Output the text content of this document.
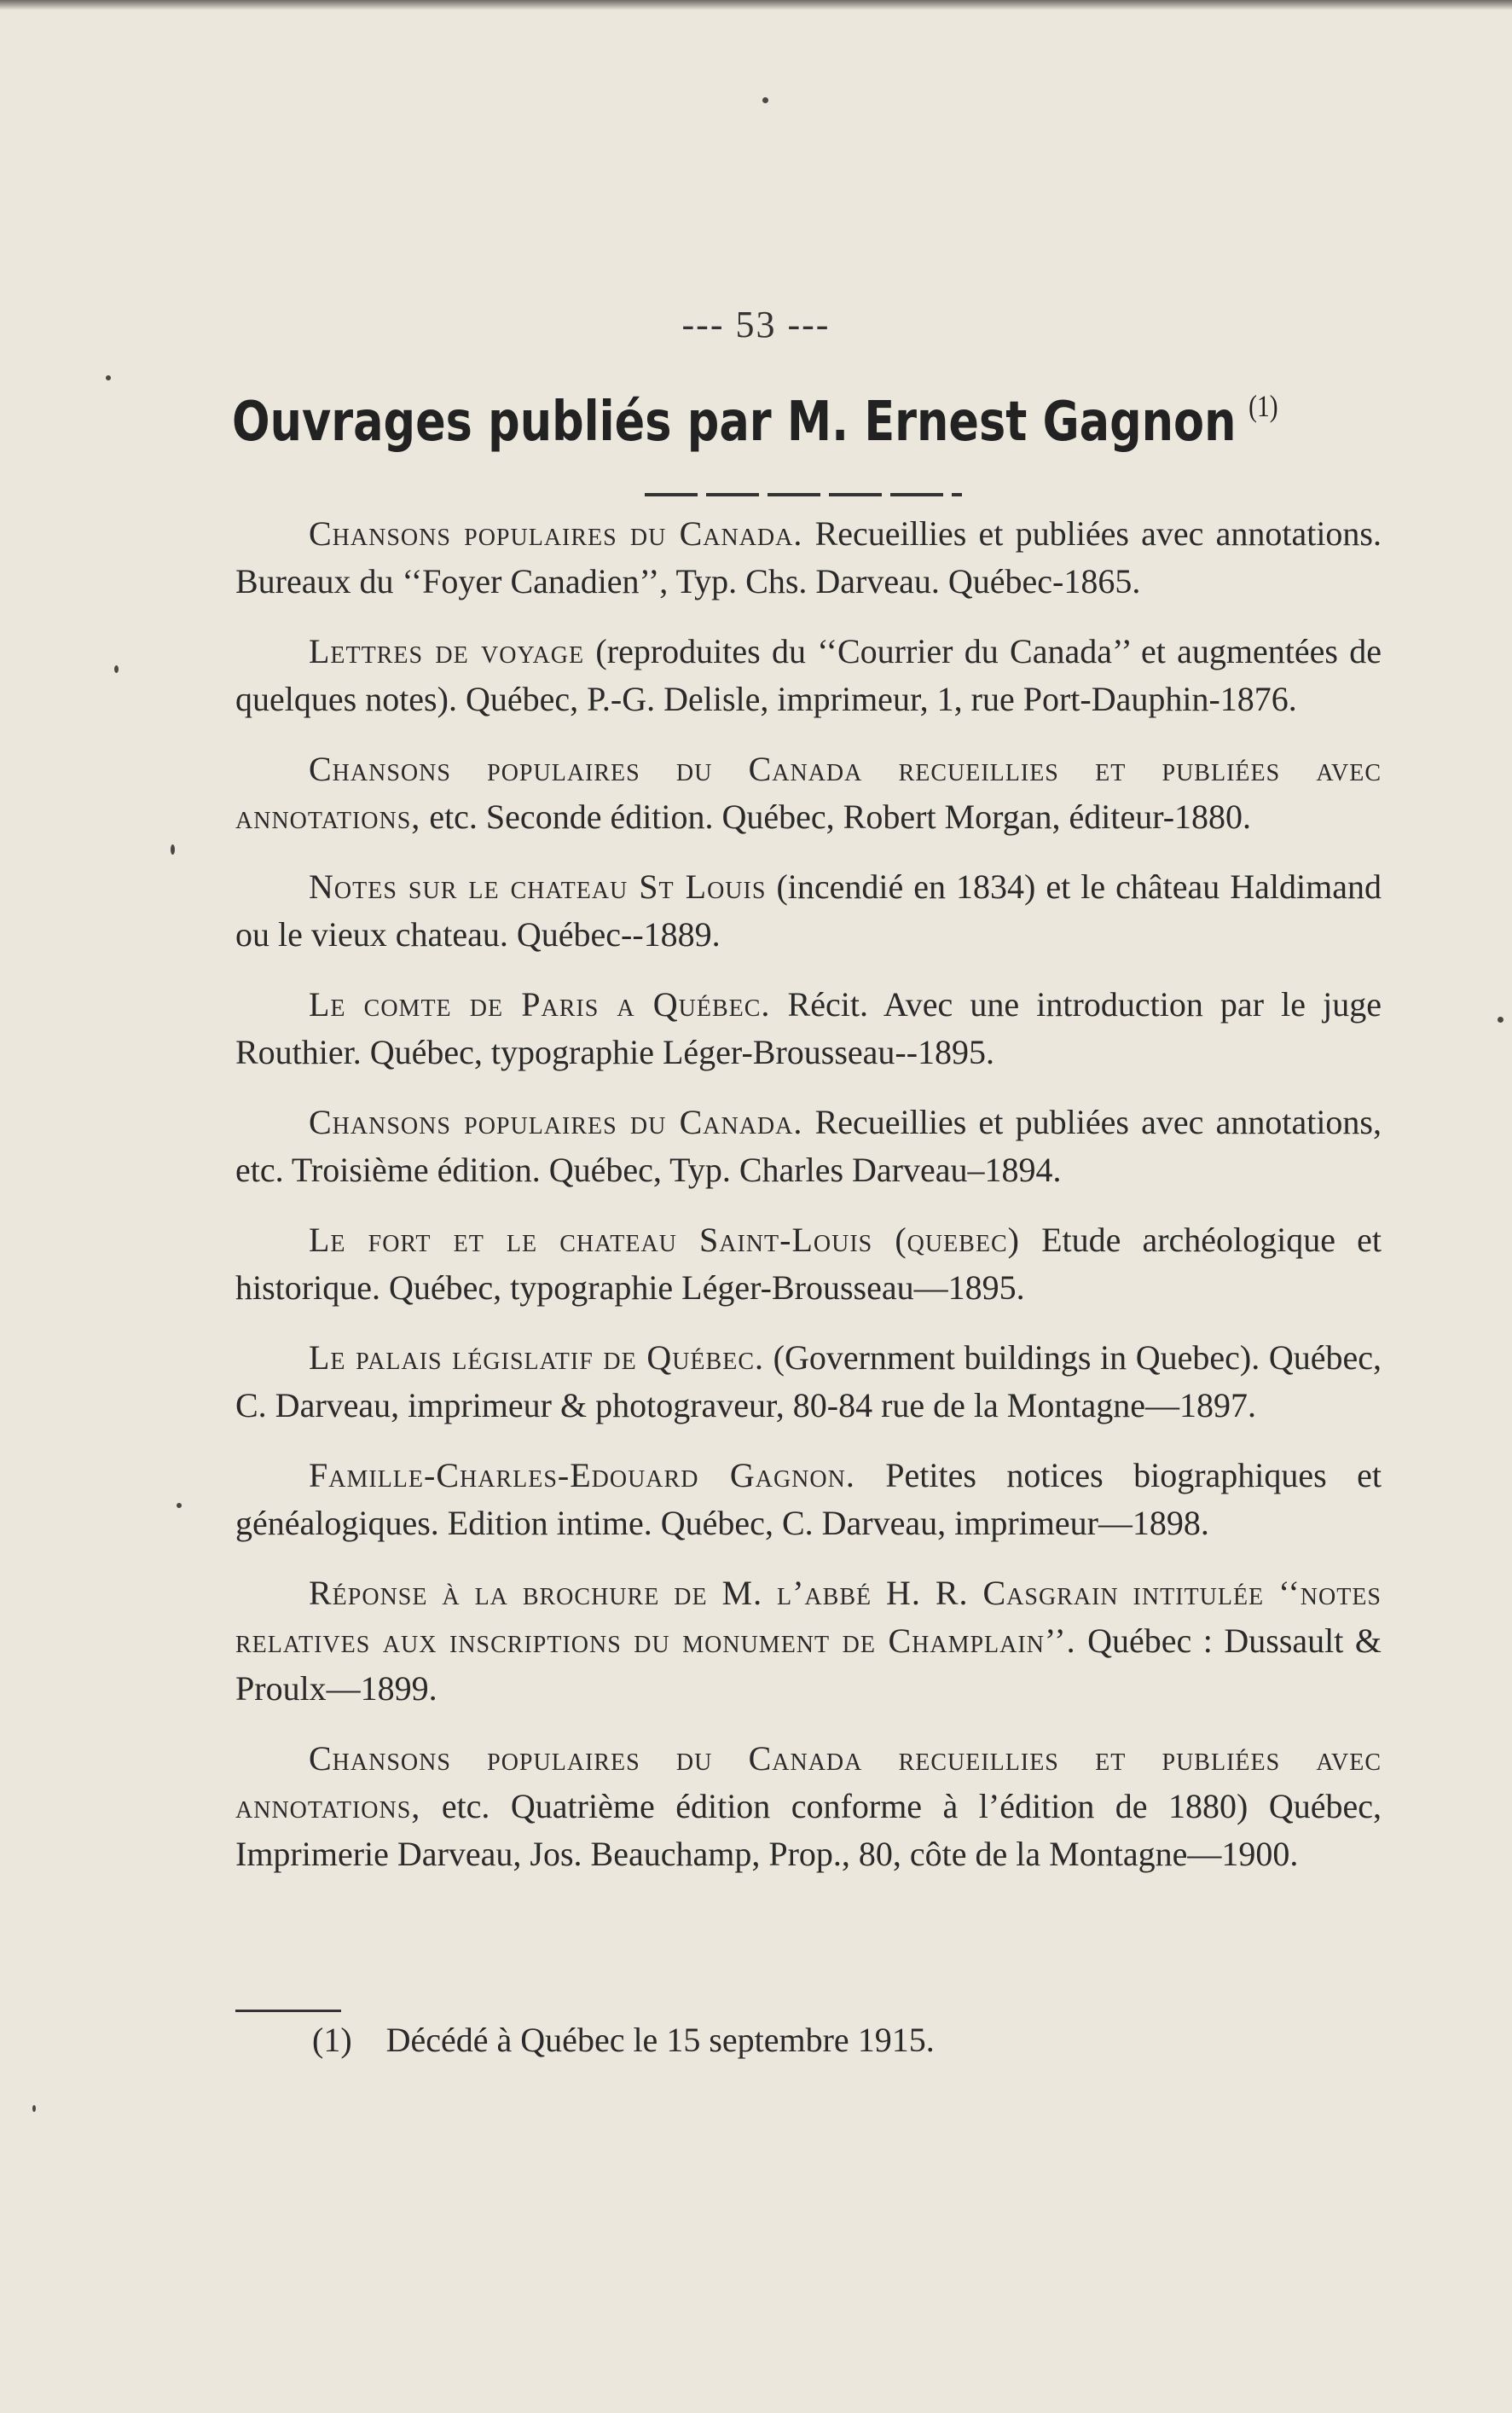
--- 53 ---
Ouvrages publiés par M. Ernest Gagnon $^{(1)}$

Chansons populaires du Canada. Recueillies et publiées avec annotations. Bureaux du ‘‘Foyer Canadien’’, Typ. Chs. Darveau. Québec-1865.

Lettres de voyage (reproduites du ‘‘Courrier du Canada’’ et augmentées de quelques notes). Québec, P.-G. Delisle, imprimeur, 1, rue Port-Dauphin-1876.

Chansons populaires du Canada recueillies et publiées avec annotations, etc. Seconde édition. Québec, Robert Morgan, éditeur-1880.

Notes sur le chateau St Louis (incendié en 1834) et le château Haldimand ou le vieux chateau. Québec--1889.

Le comte de Paris a Québec. Récit. Avec une introduction par le juge Routhier. Québec, typographie Léger-Brousseau--1895.

Chansons populaires du Canada. Recueillies et publiées avec annotations, etc. Troisième édition. Québec, Typ. Charles Darveau–1894.

Le fort et le chateau Saint-Louis (quebec) Etude archéologique et historique. Québec, typographie Léger-Brousseau—1895.

Le palais législatif de Québec. (Government buildings in Quebec). Québec, C. Darveau, imprimeur & photograveur, 80-84 rue de la Montagne—1897.

Famille-Charles-Edouard Gagnon. Petites notices biographiques et généalogiques. Edition intime. Québec, C. Darveau, imprimeur—1898.

Réponse à la brochure de M. l’abbé H. R. Casgrain intitulée ‘‘notes relatives aux inscriptions du monument de Champlain’’. Québec : Dussault & Proulx—1899.

Chansons populaires du Canada recueillies et publiées avec annotations, etc. Quatrième édition conforme à l’édition de 1880) Québec, Imprimerie Darveau, Jos. Beauchamp, Prop., 80, côte de la Montagne—1900.

(1) Décédé à Québec le 15 septembre 1915.
